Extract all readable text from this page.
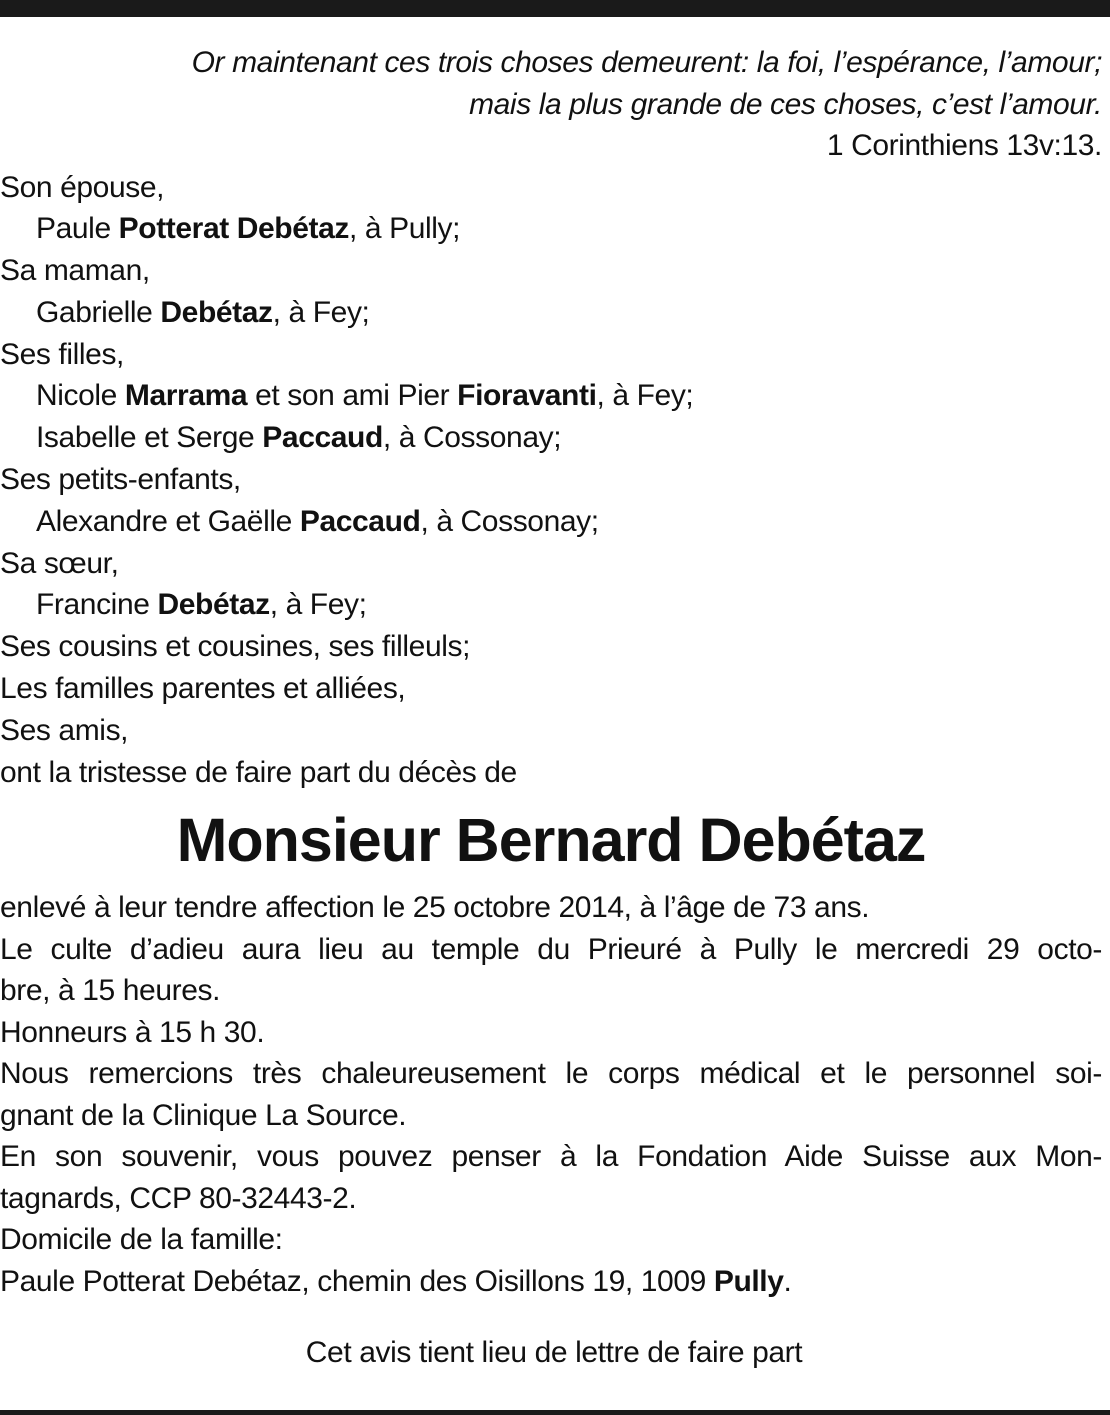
Or maintenant ces trois choses demeurent: la foi, l’espérance, l’amour;
mais la plus grande de ces choses, c’est l’amour.
1 Corinthiens 13v:13.
Son épouse,
Paule Potterat Debétaz, à Pully;
Sa maman,
Gabrielle Debétaz, à Fey;
Ses filles,
Nicole Marrama et son ami Pier Fioravanti, à Fey;
Isabelle et Serge Paccaud, à Cossonay;
Ses petits-enfants,
Alexandre et Gaëlle Paccaud, à Cossonay;
Sa sœur,
Francine Debétaz, à Fey;
Ses cousins et cousines, ses filleuls;
Les familles parentes et alliées,
Ses amis,
ont la tristesse de faire part du décès de
Monsieur Bernard Debétaz
enlevé à leur tendre affection le 25 octobre 2014, à l’âge de 73 ans.
Le culte d’adieu aura lieu au temple du Prieuré à Pully le mercredi 29 octo-
bre, à 15 heures.
Honneurs à 15 h 30.
Nous remercions très chaleureusement le corps médical et le personnel soi-
gnant de la Clinique La Source.
En son souvenir, vous pouvez penser à la Fondation Aide Suisse aux Mon-
tagnards, CCP 80-32443-2.
Domicile de la famille:
Paule Potterat Debétaz, chemin des Oisillons 19, 1009 Pully.
Cet avis tient lieu de lettre de faire part
